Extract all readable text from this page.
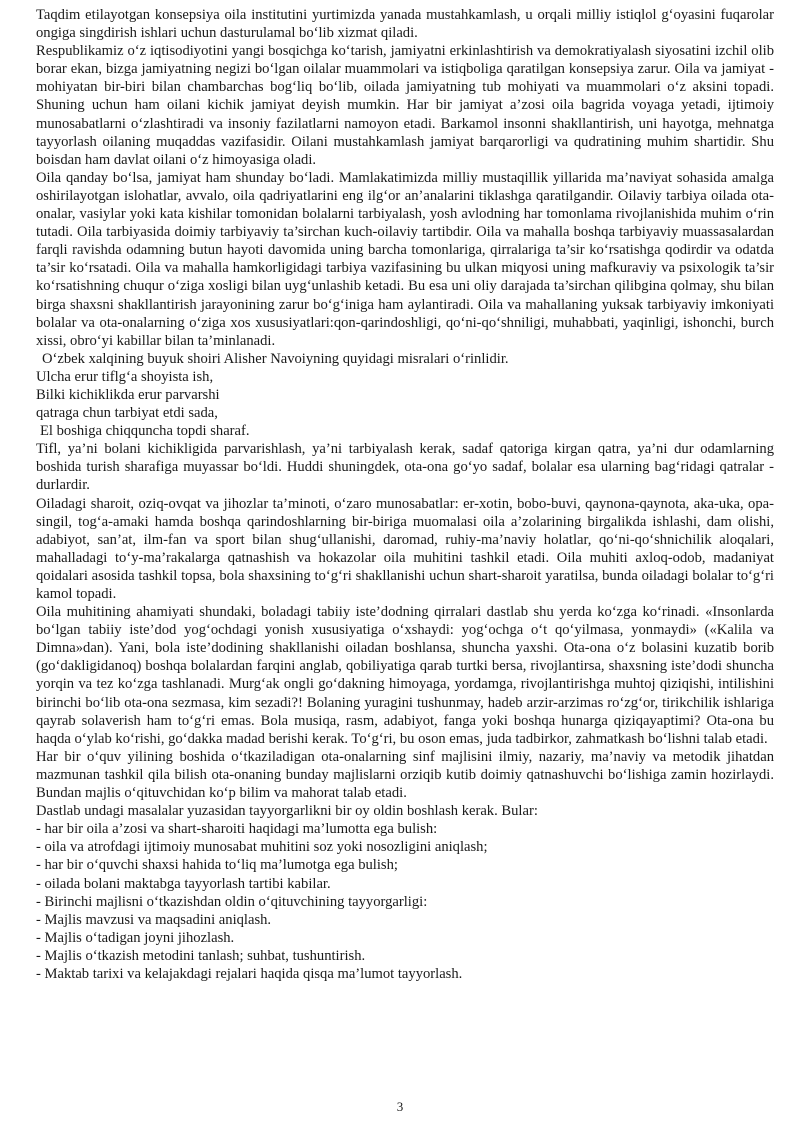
Taqdim etilayotgan konsepsiya oila institutini yurtimizda yanada mustahkamlash, u orqali milliy istiqlol g‘oyasini fuqarolar ongiga singdirish ishlari uchun dasturulamal bo‘lib xizmat qiladi.

Respublikamiz o‘z iqtisodiyotini yangi bosqichga ko‘tarish, jamiyatni erkinlashtirish va demokratiyalash siyosatini izchil olib borar ekan, bizga jamiyatning negizi bo‘lgan oilalar muammolari va istiqboliga qaratilgan konsepsiya zarur. Oila va jamiyat - mohiyatan bir-biri bilan chambarchas bog‘liq bo‘lib, oilada jamiyatning tub mohiyati va muammolari o‘z aksini topadi. Shuning uchun ham oilani kichik jamiyat deyish mumkin. Har bir jamiyat a’zosi oila bagrida voyaga yetadi, ijtimoiy munosabatlarni o‘zlashtiradi va insoniy fazilatlarni namoyon etadi. Barkamol insonni shakllantirish, uni hayotga, mehnatga tayyorlash oilaning muqaddas vazifasidir. Oilani mustahkamlash jamiyat barqarorligi va qudratining muhim shartidir. Shu boisdan ham davlat oilani o‘z himoyasiga oladi.

Oila qanday bo‘lsa, jamiyat ham shunday bo‘ladi. Mamlakatimizda milliy mustaqillik yillarida ma’naviyat sohasida amalga oshirilayotgan islohatlar, avvalo, oila qadriyatlarini eng ilg‘or an’analarini tiklashga qaratilgandir. Oilaviy tarbiya oilada ota-onalar, vasiylar yoki kata kishilar tomonidan bolalarni tarbiyalash, yosh avlodning har tomonlama rivojlanishida muhim o‘rin tutadi. Oila tarbiyasida doimiy tarbiyaviy ta’sirchan kuch-oilaviy tartibdir. Oila va mahalla boshqa tarbiyaviy muassasalardan farqli ravishda odamning butun hayoti davomida uning barcha tomonlariga, qirralariga ta’sir ko‘rsatishga qodirdir va odatda ta’sir ko‘rsatadi. Oila va mahalla hamkorligidagi tarbiya vazifasining bu ulkan miqyosi uning mafkuraviy va psixologik ta’sir ko‘rsatishning chuqur o‘ziga xosligi bilan uyg‘unlashib ketadi. Bu esa uni oliy darajada ta’sirchan qilibgina qolmay, shu bilan birga shaxsni shakllantirish jarayonining zarur bo‘g‘iniga ham aylantiradi. Oila va mahallaning yuksak tarbiyaviy imkoniyati bolalar va ota-onalarning o‘ziga xos xususiyatlari:qon-qarindoshligi, qo‘ni-qo‘shniligi, muhabbati, yaqinligi, ishonchi, burch xissi, obro‘yi kabillar bilan ta’minlanadi.

O‘zbek xalqining buyuk shoiri Alisher Navoiyning quyidagi misralari o‘rinlidir.

Ulcha erur tiflg‘a shoyista ish,

Bilki kichiklikda erur parvarshi

qatraga chun tarbiyat etdi sada,

El boshiga chiqquncha topdi sharaf.

Tifl, ya’ni bolani kichikligida parvarishlash, ya’ni tarbiyalash kerak, sadaf qatoriga kirgan qatra, ya’ni dur odamlarning boshida turish sharafiga muyassar bo‘ldi. Huddi shuningdek, ota-ona go‘yo sadaf, bolalar esa ularning bag‘ridagi qatralar - durlardir.

Oiladagi sharoit, oziq-ovqat va jihozlar ta’minoti, o‘zaro munosabatlar: er-xotin, bobo-buvi, qaynona-qaynota, aka-uka, opa-singil, tog‘a-amaki hamda boshqa qarindoshlarning bir-biriga muomalasi oila a’zolarining birgalikda ishlashi, dam olishi, adabiyot, san’at, ilm-fan va sport bilan shug‘ullanishi, daromad, ruhiy-ma’naviy holatlar, qo‘ni-qo‘shnichilik aloqalari, mahalladagi to‘y-ma’rakalarga qatnashish va hokazolar oila muhitini tashkil etadi. Oila muhiti axloq-odob, madaniyat qoidalari asosida tashkil topsa, bola shaxsining to‘g‘ri shakllanishi uchun shart-sharoit yaratilsa, bunda oiladagi bolalar to‘g‘ri kamol topadi.

Oila muhitining ahamiyati shundaki, boladagi tabiiy iste’dodning qirralari dastlab shu yerda ko‘zga ko‘rinadi. «Insonlarda bo‘lgan tabiiy iste’dod yog‘ochdagi yonish xususiyatiga o‘xshaydi: yog‘ochga o‘t qo‘yilmasa, yonmaydi» («Kalila va Dimna»dan). Yani, bola iste’dodining shakllanishi oiladan boshlansa, shuncha yaxshi. Ota-ona o‘z bolasini kuzatib borib (go‘dakligidanoq) boshqa bolalardan farqini anglab, qobiliyatiga qarab turtki bersa, rivojlantirsa, shaxsning iste’dodi shuncha yorqin va tez ko‘zga tashlanadi. Murg‘ak ongli go‘dakning himoyaga, yordamga, rivojlantirishga muhtoj qiziqishi, intilishini birinchi bo‘lib ota-ona sezmasa, kim sezadi?! Bolaning yuragini tushunmay, hadeb arzir-arzimas ro‘zg‘or, tirikchilik ishlariga qayrab solaverish ham to‘g‘ri emas. Bola musiqa, rasm, adabiyot, fanga yoki boshqa hunarga qiziqayaptimi? Ota-ona bu haqda o‘ylab ko‘rishi, go‘dakka madad berishi kerak. To‘g‘ri, bu oson emas, juda tadbirkor, zahmatkash bo‘lishni talab etadi.

Har bir o‘quv yilining boshida o‘tkaziladigan ota-onalarning sinf majlisini ilmiy, nazariy, ma’naviy va metodik jihatdan mazmunan tashkil qila bilish ota-onaning bunday majlislarni orziqib kutib doimiy qatnashuvchi bo‘lishiga zamin hozirlaydi. Bundan majlis o‘qituvchidan ko‘p bilim va mahorat talab etadi.

Dastlab undagi masalalar yuzasidan tayyorgarlikni bir oy oldin boshlash kerak. Bular:

- har bir oila a’zosi va shart-sharoiti haqidagi ma’lumotta ega bulish:

- oila va atrofdagi ijtimoiy munosabat muhitini soz yoki nosozligini aniqlash;

- har bir o‘quvchi shaxsi hahida to‘liq ma’lumotga ega bulish;

- oilada bolani maktabga tayyorlash tartibi kabilar.

- Birinchi majlisni o‘tkazishdan oldin o‘qituvchining tayyorgarligi:

- Majlis mavzusi va maqsadini aniqlash.

- Majlis o‘tadigan joyni jihozlash.

- Majlis o‘tkazish metodini tanlash; suhbat, tushuntirish.

- Maktab tarixi va kelajakdagi rejalari haqida qisqa ma’lumot tayyorlash.

3
